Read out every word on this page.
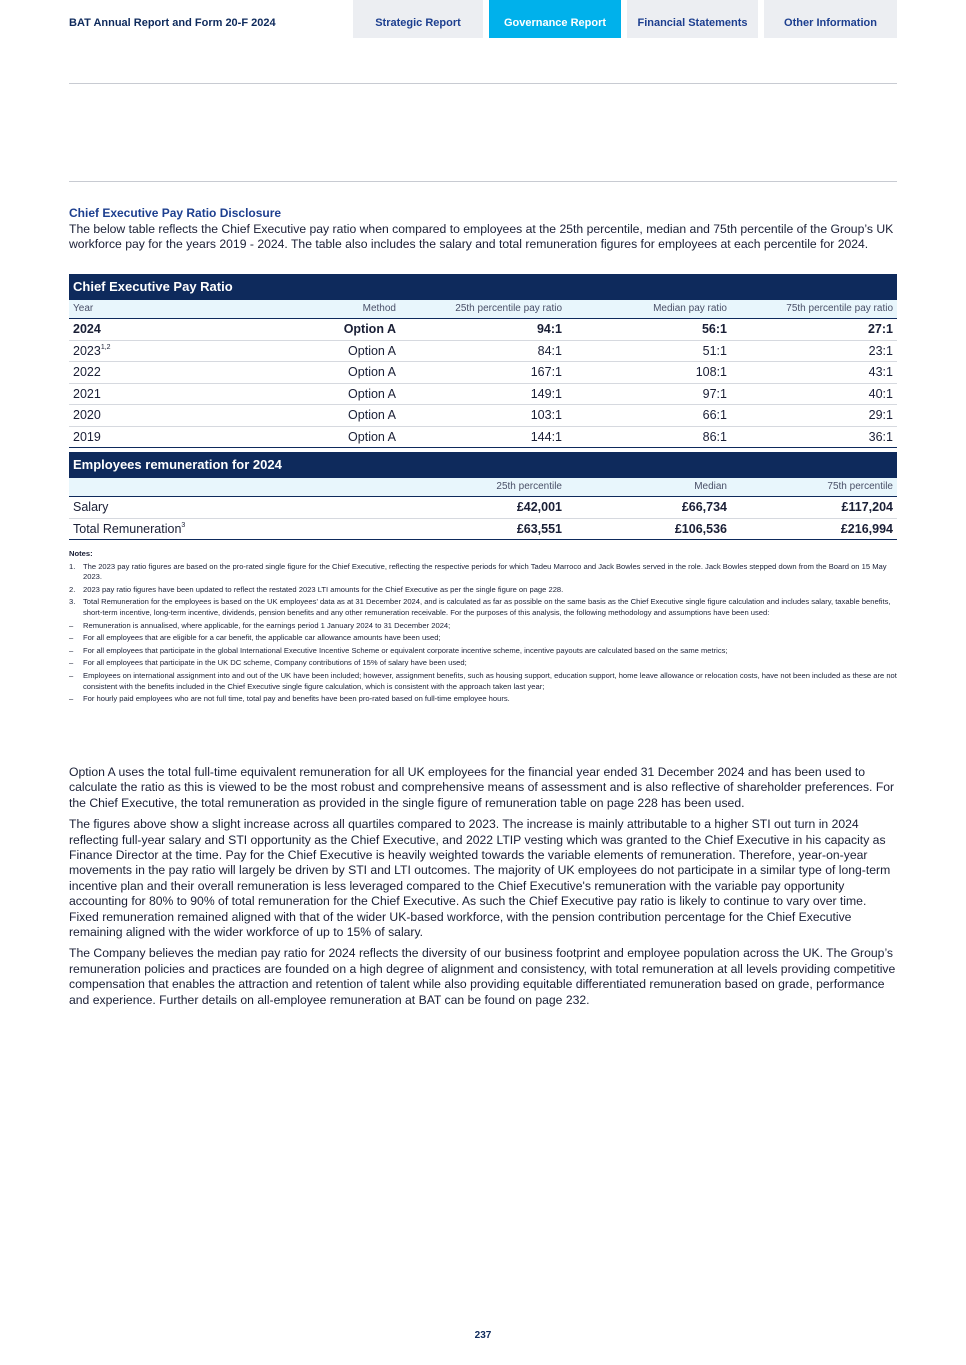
BAT Annual Report and Form 20-F 2024	Strategic Report	Governance Report	Financial Statements	Other Information
Chief Executive Pay Ratio Disclosure

The below table reflects the Chief Executive pay ratio when compared to employees at the 25th percentile, median and 75th percentile of the Group’s UK workforce pay for the years 2019 - 2024. The table also includes the salary and total remuneration figures for employees at each percentile for 2024.

Chief Executive Pay Ratio
Year	Method	25th percentile pay ratio	Median pay ratio	75th percentile pay ratio
2024	Option A	94:1	56:1	27:1
2023$^{1,2}$	Option A	84:1	51:1	23:1
2022	Option A	167:1	108:1	43:1
2021	Option A	149:1	97:1	40:1
2020	Option A	103:1	66:1	29:1
2019	Option A	144:1	86:1	36:1
Employees remuneration for 2024
25th percentile	Median	75th percentile
Salary	£42,001	£66,734	£117,204
Total Remuneration$^3$	£63,551	£106,536	£216,994
Notes:
1. The 2023 pay ratio figures are based on the pro-rated single figure for the Chief Executive, reflecting the respective periods for which Tadeu Marroco and Jack Bowles served in the role. Jack Bowles stepped down from the Board on 15 May 2023.
2. 2023 pay ratio figures have been updated to reflect the restated 2023 LTI amounts for the Chief Executive as per the single figure on page 228.
3. Total Remuneration for the employees is based on the UK employees’ data as at 31 December 2024, and is calculated as far as possible on the same basis as the Chief Executive single figure calculation and includes salary, taxable benefits, short-term incentive, long-term incentive, dividends, pension benefits and any other remuneration receivable. For the purposes of this analysis, the following methodology and assumptions have been used:
– Remuneration is annualised, where applicable, for the earnings period 1 January 2024 to 31 December 2024;
– For all employees that are eligible for a car benefit, the applicable car allowance amounts have been used;
– For all employees that participate in the global International Executive Incentive Scheme or equivalent corporate incentive scheme, incentive payouts are calculated based on the same metrics;
– For all employees that participate in the UK DC scheme, Company contributions of 15% of salary have been used;
– Employees on international assignment into and out of the UK have been included; however, assignment benefits, such as housing support, education support, home leave allowance or relocation costs, have not been included as these are not consistent with the benefits included in the Chief Executive single figure calculation, which is consistent with the approach taken last year;
– For hourly paid employees who are not full time, total pay and benefits have been pro-rated based on full-time employee hours.

Option A uses the total full-time equivalent remuneration for all UK employees for the financial year ended 31 December 2024 and has been used to calculate the ratio as this is viewed to be the most robust and comprehensive means of assessment and is also reflective of shareholder preferences. For the Chief Executive, the total remuneration as provided in the single figure of remuneration table on page 228 has been used.

The figures above show a slight increase across all quartiles compared to 2023. The increase is mainly attributable to a higher STI out turn in 2024 reflecting full-year salary and STI opportunity as the Chief Executive, and 2022 LTIP vesting which was granted to the Chief Executive in his capacity as Finance Director at the time. Pay for the Chief Executive is heavily weighted towards the variable elements of remuneration. Therefore, year-on-year movements in the pay ratio will largely be driven by STI and LTI outcomes. The majority of UK employees do not participate in a similar type of long-term incentive plan and their overall remuneration is less leveraged compared to the Chief Executive's remuneration with the variable pay opportunity accounting for 80% to 90% of total remuneration for the Chief Executive. As such the Chief Executive pay ratio is likely to continue to vary over time. Fixed remuneration remained aligned with that of the wider UK-based workforce, with the pension contribution percentage for the Chief Executive remaining aligned with the wider workforce of up to 15% of salary.

The Company believes the median pay ratio for 2024 reflects the diversity of our business footprint and employee population across the UK. The Group’s remuneration policies and practices are founded on a high degree of alignment and consistency, with total remuneration at all levels providing competitive compensation that enables the attraction and retention of talent while also providing equitable differentiated remuneration based on grade, performance and experience. Further details on all-employee remuneration at BAT can be found on page 232.

237
